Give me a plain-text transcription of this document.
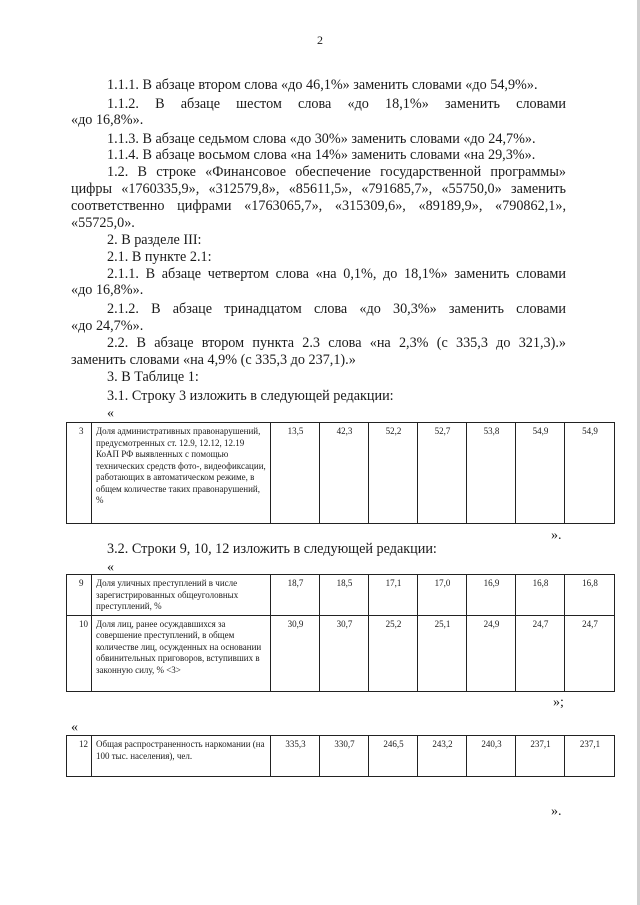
2
1.1.1. В абзаце втором слова «до 46,1%» заменить словами «до 54,9%».
1.1.2. В абзаце шестом слова «до 18,1%» заменить словами
«до 16,8%».
1.1.3. В абзаце седьмом слова «до 30%» заменить словами «до 24,7%».
1.1.4. В абзаце восьмом слова «на 14%» заменить словами «на 29,3%».
1.2. В строке «Финансовое обеспечение государственной программы»
цифры «1760335,9», «312579,8», «85611,5», «791685,7», «55750,0» заменить
соответственно цифрами «1763065,7», «315309,6», «89189,9», «790862,1»,
«55725,0».
2. В разделе III:
2.1. В пункте 2.1:
2.1.1. В абзаце четвертом слова «на 0,1%, до 18,1%» заменить словами
«до 16,8%».
2.1.2. В абзаце тринадцатом слова «до 30,3%» заменить словами
«до 24,7%».
2.2. В абзаце втором пункта 2.3 слова «на 2,3% (с 335,3 до 321,3).»
заменить словами «на 4,9% (с 335,3 до 237,1).»
3. В Таблице 1:
3.1. Строку 3 изложить в следующей редакции:
«
3	Доля административных правонарушений, предусмотренных ст. 12.9, 12.12, 12.19 КоАП РФ выявленных с помощью технических средств фото-, видеофиксации, работающих в автоматическом режиме, в общем количестве таких правонарушений, %	13,5	42,3	52,2	52,7	53,8	54,9	54,9
».
3.2. Строки 9, 10, 12 изложить в следующей редакции:
«
9	Доля уличных преступлений в числе зарегистрированных общеуголовных преступлений, %	18,7	18,5	17,1	17,0	16,9	16,8	16,8
10	Доля лиц, ранее осуждавшихся за совершение преступлений, в общем количестве лиц, осужденных на основании обвинительных приговоров, вступивших в законную силу, % <3>	30,9	30,7	25,2	25,1	24,9	24,7	24,7
»;
«
12	Общая распространенность наркомании (на 100 тыс. населения), чел.	335,3	330,7	246,5	243,2	240,3	237,1	237,1
».
